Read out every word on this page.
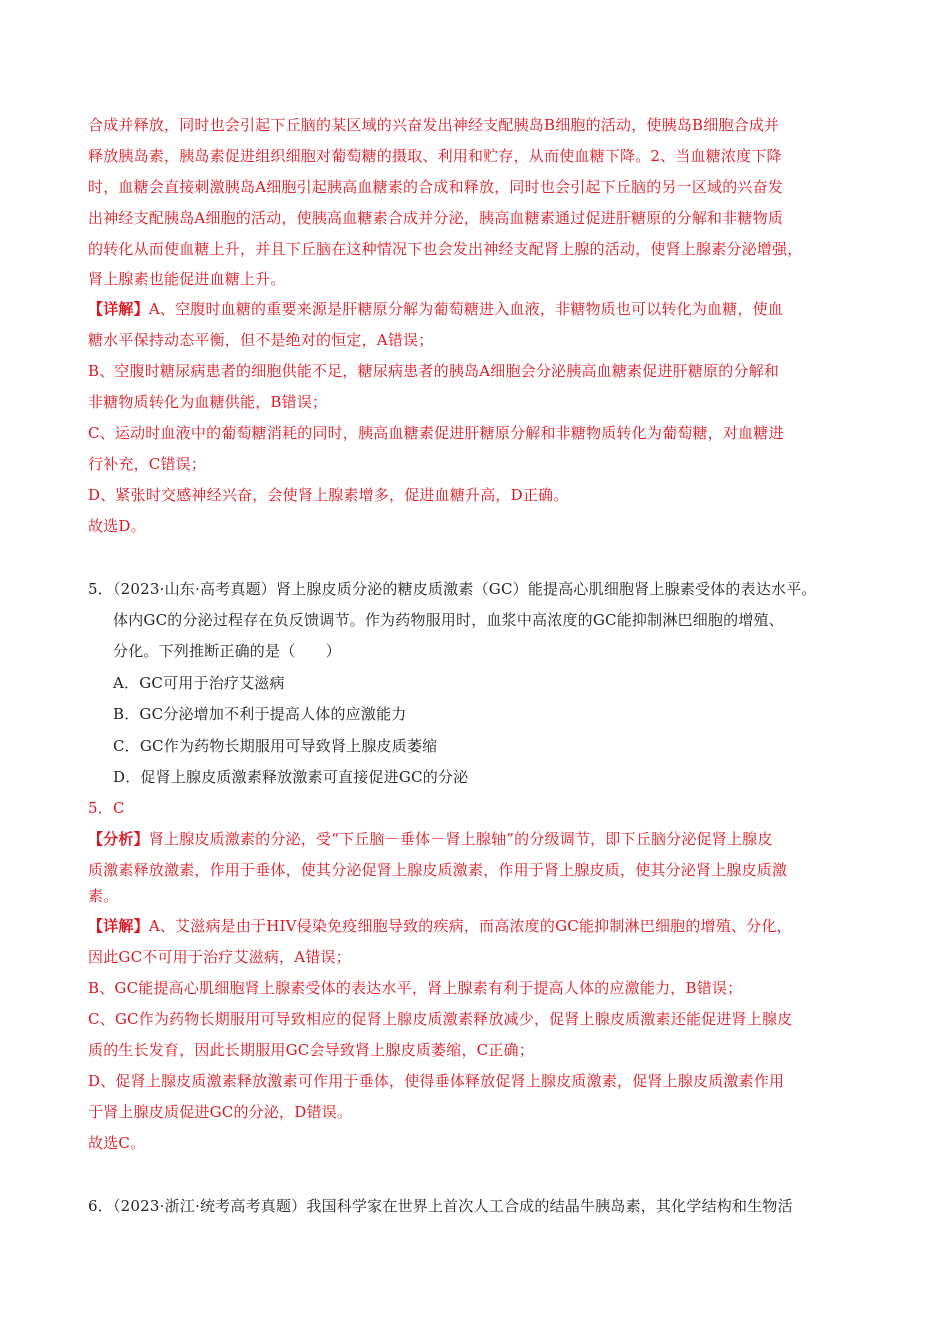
合成并释放，同时也会引起下丘脑的某区域的兴奋发出神经支配胰岛B细胞的活动，使胰岛B细胞合成并
释放胰岛素，胰岛素促进组织细胞对葡萄糖的摄取、利用和贮存，从而使血糖下降。2、当血糖浓度下降
时，血糖会直接刺激胰岛A细胞引起胰高血糖素的合成和释放，同时也会引起下丘脑的另一区域的兴奋发
出神经支配胰岛A细胞的活动，使胰高血糖素合成并分泌，胰高血糖素通过促进肝糖原的分解和非糖物质
的转化从而使血糖上升，并且下丘脑在这种情况下也会发出神经支配肾上腺的活动，使肾上腺素分泌增强，
肾上腺素也能促进血糖上升。
【详解】A、空腹时血糖的重要来源是肝糖原分解为葡萄糖进入血液，非糖物质也可以转化为血糖，使血
糖水平保持动态平衡，但不是绝对的恒定，A错误；
B、空腹时糖尿病患者的细胞供能不足，糖尿病患者的胰岛A细胞会分泌胰高血糖素促进肝糖原的分解和
非糖物质转化为血糖供能，B错误；
C、运动时血液中的葡萄糖消耗的同时，胰高血糖素促进肝糖原分解和非糖物质转化为葡萄糖，对血糖进
行补充，C错误；
D、紧张时交感神经兴奋，会使肾上腺素增多，促进血糖升高，D正确。
故选D。
5．（2023·山东·高考真题）肾上腺皮质分泌的糖皮质激素（GC）能提高心肌细胞肾上腺素受体的表达水平。
体内GC的分泌过程存在负反馈调节。作为药物服用时，血浆中高浓度的GC能抑制淋巴细胞的增殖、
分化。下列推断正确的是（　　）
A．GC可用于治疗艾滋病
B．GC分泌增加不利于提高人体的应激能力
C．GC作为药物长期服用可导致肾上腺皮质萎缩
D．促肾上腺皮质激素释放激素可直接促进GC的分泌
5．C
【分析】肾上腺皮质激素的分泌，受“下丘脑－垂体－肾上腺轴”的分级调节，即下丘脑分泌促肾上腺皮
质激素释放激素，作用于垂体，使其分泌促肾上腺皮质激素，作用于肾上腺皮质，使其分泌肾上腺皮质激
素。
【详解】A、艾滋病是由于HIV侵染免疫细胞导致的疾病，而高浓度的GC能抑制淋巴细胞的增殖、分化，
因此GC不可用于治疗艾滋病，A错误；
B、GC能提高心肌细胞肾上腺素受体的表达水平，肾上腺素有利于提高人体的应激能力，B错误；
C、GC作为药物长期服用可导致相应的促肾上腺皮质激素释放减少，促肾上腺皮质激素还能促进肾上腺皮
质的生长发育，因此长期服用GC会导致肾上腺皮质萎缩，C正确；
D、促肾上腺皮质激素释放激素可作用于垂体，使得垂体释放促肾上腺皮质激素，促肾上腺皮质激素作用
于肾上腺皮质促进GC的分泌，D错误。
故选C。
6．（2023·浙江·统考高考真题）我国科学家在世界上首次人工合成的结晶牛胰岛素，其化学结构和生物活
